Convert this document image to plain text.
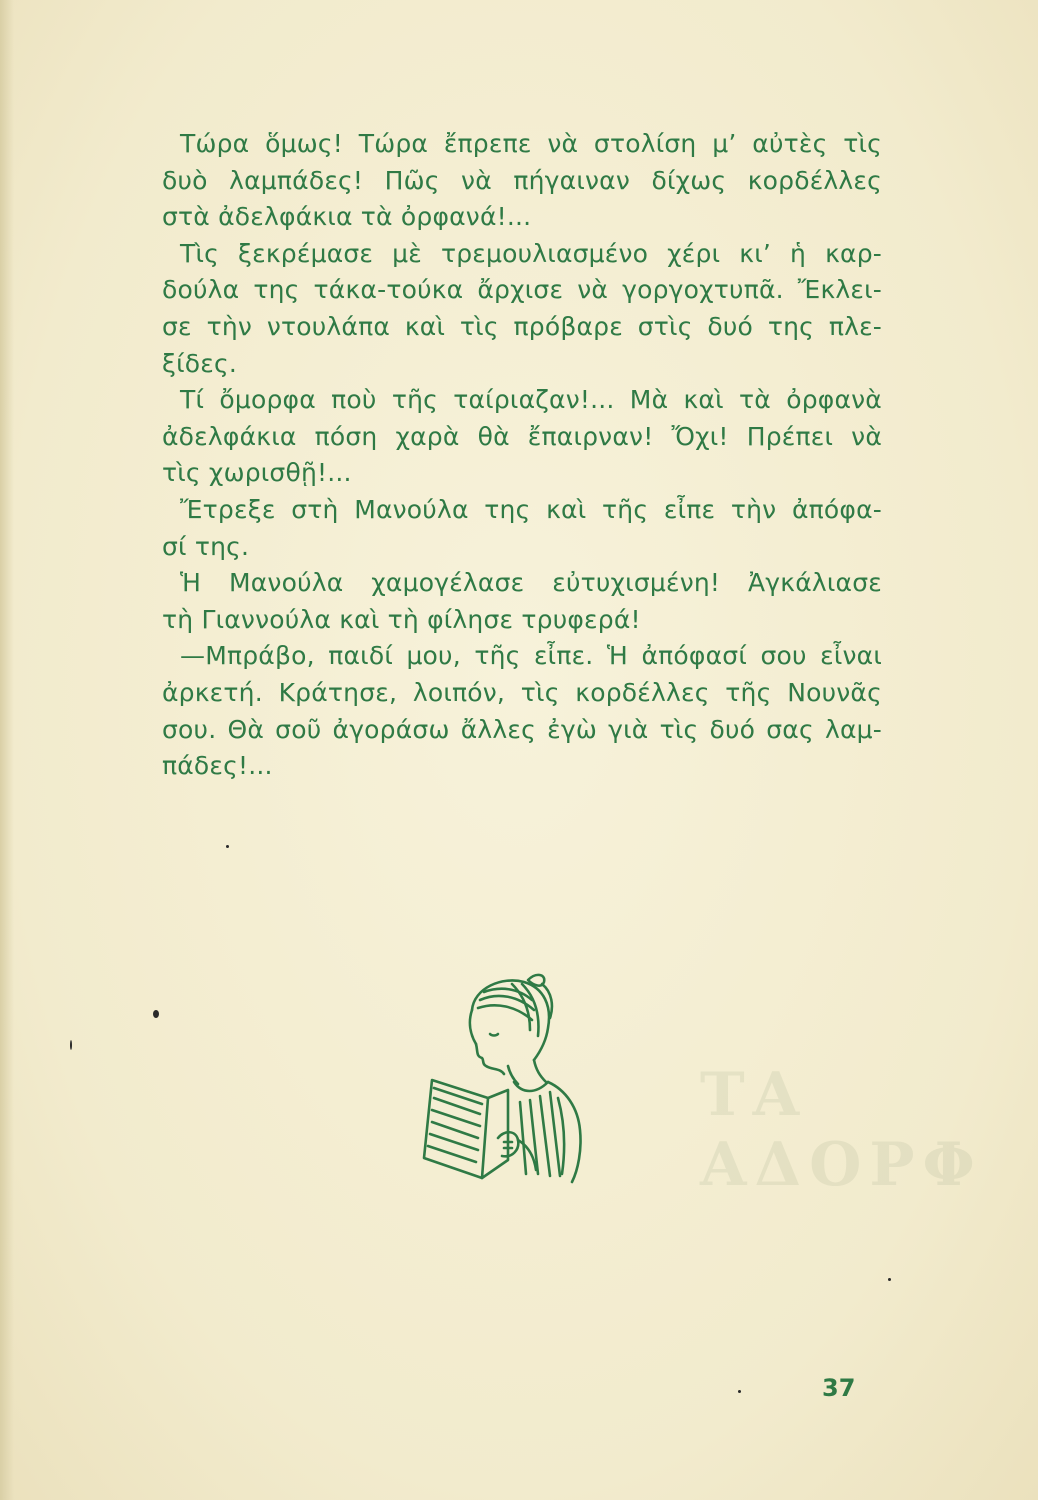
ΤΑ ΑΔΟΡΦ
Τώρα ὅμως! Τώρα ἔπρεπε νὰ στολίση μ’ αὐτὲς τὶς
δυὸ λαμπάδες! Πῶς νὰ πήγαιναν δίχως κορδέλλες
στὰ ἀδελφάκια τὰ ὀρφανά!...
Τὶς ξεκρέμασε μὲ τρεμουλιασμένο χέρι κι’ ἡ καρ-
δούλα της τάκα-τούκα ἄρχισε νὰ γοργοχτυπᾶ. Ἔκλει-
σε τὴν ντουλάπα καὶ τὶς πρόβαρε στὶς δυό της πλε-
ξίδες.
Τί ὄμορφα ποὺ τῆς ταίριαζαν!... Μὰ καὶ τὰ ὀρφανὰ
ἀδελφάκια πόση χαρὰ θὰ ἔπαιρναν! Ὄχι! Πρέπει νὰ
τὶς χωρισθῇ!...
Ἔτρεξε στὴ Μανούλα της καὶ τῆς εἶπε τὴν ἀπόφα-
σί της.
Ἡ Μανούλα χαμογέλασε εὐτυχισμένη! Ἀγκάλιασε
τὴ Γιαννούλα καὶ τὴ φίλησε τρυφερά!
—Μπράβο, παιδί μου, τῆς εἶπε. Ἡ ἀπόφασί σου εἶναι
ἀρκετή. Κράτησε, λοιπόν, τὶς κορδέλλες τῆς Νουνᾶς
σου. Θὰ σοῦ ἀγοράσω ἄλλες ἐγὼ γιὰ τὶς δυό σας λαμ-
πάδες!...
37
